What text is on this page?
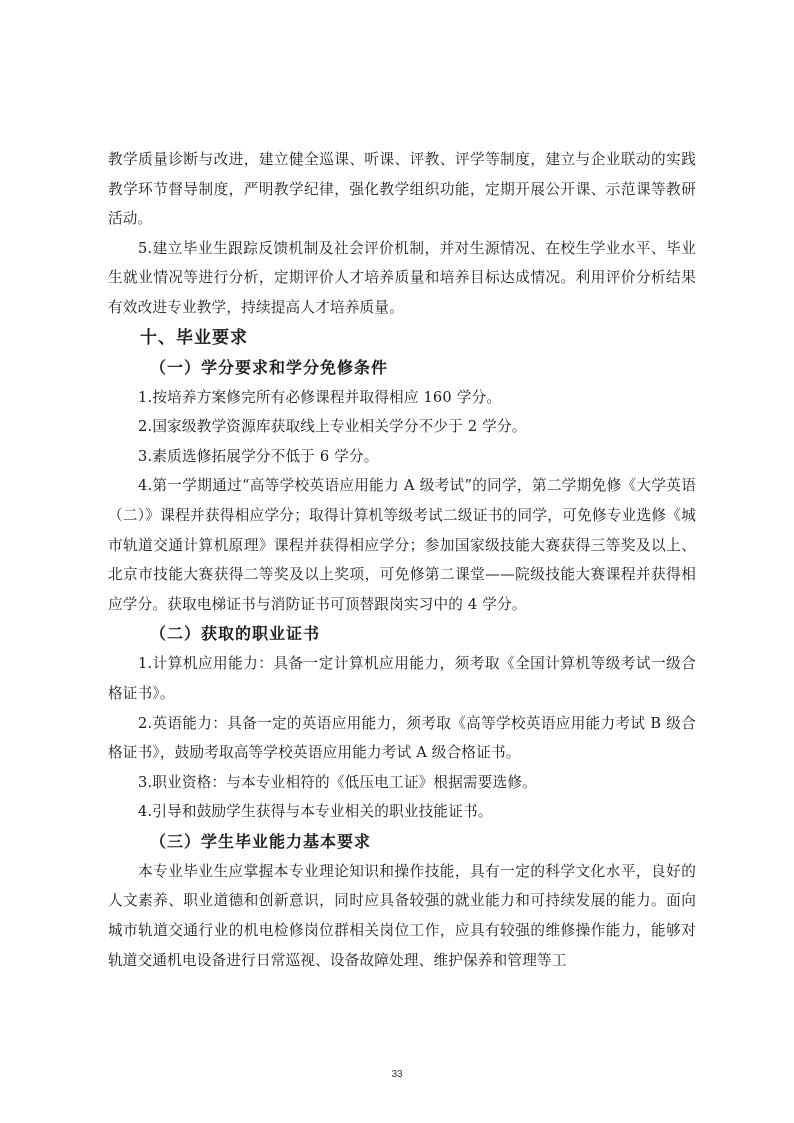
教学质量诊断与改进，建立健全巡课、听课、评教、评学等制度，建立与企业联动的实践教学环节督导制度，严明教学纪律，强化教学组织功能，定期开展公开课、示范课等教研活动。

5.建立毕业生跟踪反馈机制及社会评价机制，并对生源情况、在校生学业水平、毕业生就业情况等进行分析，定期评价人才培养质量和培养目标达成情况。利用评价分析结果有效改进专业教学，持续提高人才培养质量。

十、毕业要求
（一）学分要求和学分免修条件

1.按培养方案修完所有必修课程并取得相应 160 学分。

2.国家级教学资源库获取线上专业相关学分不少于 2 学分。

3.素质选修拓展学分不低于 6 学分。

4.第一学期通过“高等学校英语应用能力 A 级考试”的同学，第二学期免修《大学英语（二）》课程并获得相应学分；取得计算机等级考试二级证书的同学，可免修专业选修《城市轨道交通计算机原理》课程并获得相应学分；参加国家级技能大赛获得三等奖及以上、北京市技能大赛获得二等奖及以上奖项，可免修第二课堂——院级技能大赛课程并获得相应学分。获取电梯证书与消防证书可顶替跟岗实习中的 4 学分。

（二）获取的职业证书

1.计算机应用能力：具备一定计算机应用能力，须考取《全国计算机等级考试一级合格证书》。

2.英语能力：具备一定的英语应用能力，须考取《高等学校英语应用能力考试 B 级合格证书》，鼓励考取高等学校英语应用能力考试 A 级合格证书。

3.职业资格：与本专业相符的《低压电工证》根据需要选修。

4.引导和鼓励学生获得与本专业相关的职业技能证书。

（三）学生毕业能力基本要求

本专业毕业生应掌握本专业理论知识和操作技能，具有一定的科学文化水平，良好的人文素养、职业道德和创新意识，同时应具备较强的就业能力和可持续发展的能力。面向城市轨道交通行业的机电检修岗位群相关岗位工作，应具有较强的维修操作能力，能够对轨道交通机电设备进行日常巡视、设备故障处理、维护保养和管理等工

33
